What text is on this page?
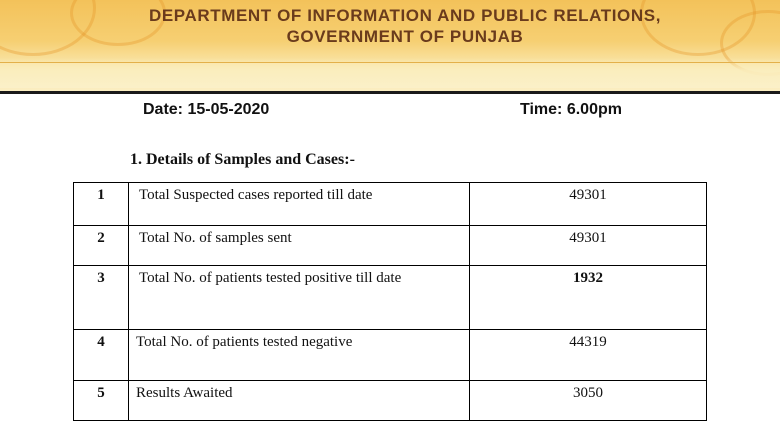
DEPARTMENT OF INFORMATION AND PUBLIC RELATIONS,
GOVERNMENT OF PUNJAB
Date: 15-05-2020	Time: 6.00pm
1. Details of Samples and Cases:-
1	Total Suspected cases reported till date	49301
2	Total No. of samples sent	49301
3	Total No. of patients tested positive till date	1932
4	Total No. of patients tested negative	44319
5	Results Awaited	3050
